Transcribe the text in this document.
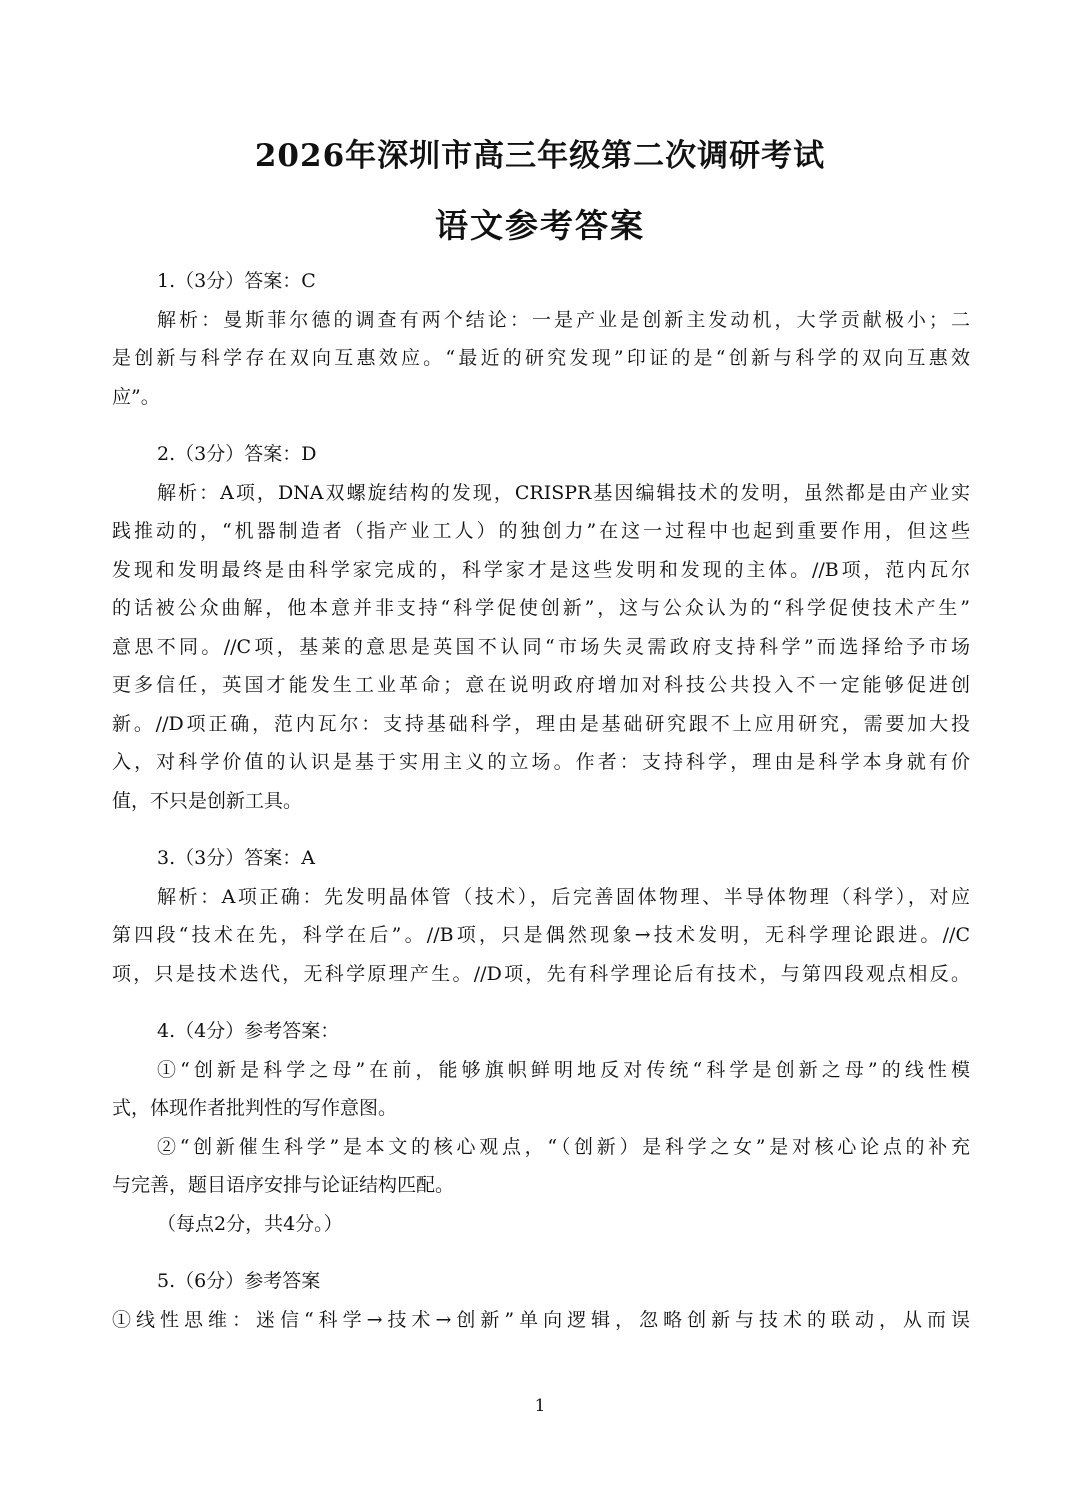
2026年深圳市高三年级第二次调研考试
语文参考答案
1.（3分）答案：C
解析：曼斯菲尔德的调查有两个结论：一是产业是创新主发动机，大学贡献极小；二
是创新与科学存在双向互惠效应。“最近的研究发现”印证的是“创新与科学的双向互惠效
应”。
2.（3分）答案：D
解析：A项，DNA双螺旋结构的发现，CRISPR基因编辑技术的发明，虽然都是由产业实
践推动的，“机器制造者（指产业工人）的独创力”在这一过程中也起到重要作用，但这些
发现和发明最终是由科学家完成的，科学家才是这些发明和发现的主体。//B项，范内瓦尔
的话被公众曲解，他本意并非支持“科学促使创新”，这与公众认为的“科学促使技术产生”
意思不同。//C项，基莱的意思是英国不认同“市场失灵需政府支持科学”而选择给予市场
更多信任，英国才能发生工业革命；意在说明政府增加对科技公共投入不一定能够促进创
新。//D项正确，范内瓦尔：支持基础科学，理由是基础研究跟不上应用研究，需要加大投
入，对科学价值的认识是基于实用主义的立场。作者：支持科学，理由是科学本身就有价
值，不只是创新工具。
3.（3分）答案：A
解析：A项正确：先发明晶体管（技术），后完善固体物理、半导体物理（科学），对应
第四段“技术在先，科学在后”。//B项，只是偶然现象→技术发明，无科学理论跟进。//C
项，只是技术迭代，无科学原理产生。//D项，先有科学理论后有技术，与第四段观点相反。
4.（4分）参考答案：
①“创新是科学之母”在前，能够旗帜鲜明地反对传统“科学是创新之母”的线性模
式，体现作者批判性的写作意图。
②“创新催生科学”是本文的核心观点，“（创新）是科学之女”是对核心论点的补充
与完善，题目语序安排与论证结构匹配。
（每点2分，共4分。）
5.（6分）参考答案
①线性思维：迷信“科学→技术→创新”单向逻辑，忽略创新与技术的联动，从而误
1
